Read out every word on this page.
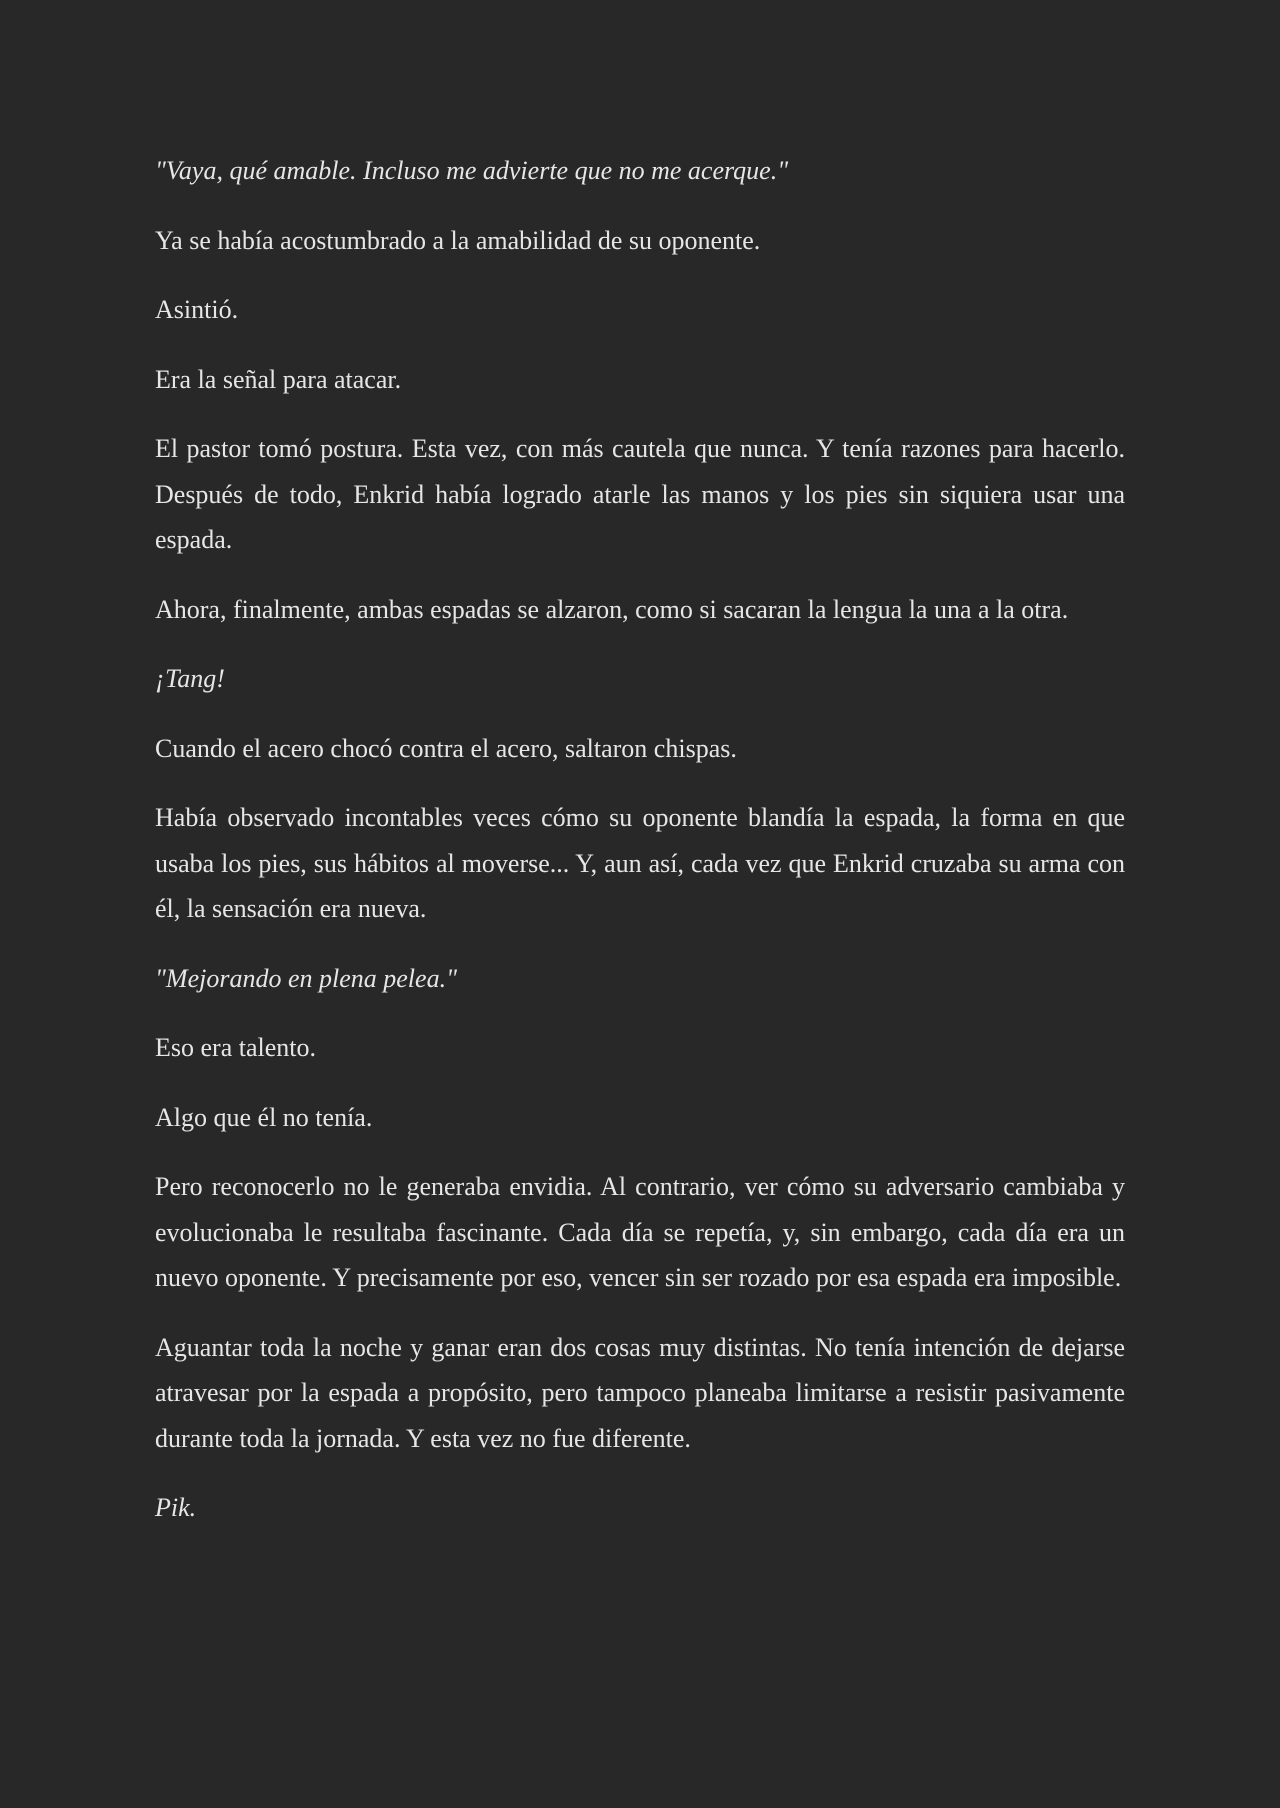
"Vaya, qué amable. Incluso me advierte que no me acerque."

Ya se había acostumbrado a la amabilidad de su oponente.

Asintió.

Era la señal para atacar.

El pastor tomó postura. Esta vez, con más cautela que nunca. Y tenía razones para hacerlo. Después de todo, Enkrid había logrado atarle las manos y los pies sin siquiera usar una espada.

Ahora, finalmente, ambas espadas se alzaron, como si sacaran la lengua la una a la otra.

¡Tang!

Cuando el acero chocó contra el acero, saltaron chispas.

Había observado incontables veces cómo su oponente blandía la espada, la forma en que usaba los pies, sus hábitos al moverse... Y, aun así, cada vez que Enkrid cruzaba su arma con él, la sensación era nueva.

"Mejorando en plena pelea."

Eso era talento.

Algo que él no tenía.

Pero reconocerlo no le generaba envidia. Al contrario, ver cómo su adversario cambiaba y evolucionaba le resultaba fascinante. Cada día se repetía, y, sin embargo, cada día era un nuevo oponente. Y precisamente por eso, vencer sin ser rozado por esa espada era imposible.

Aguantar toda la noche y ganar eran dos cosas muy distintas. No tenía intención de dejarse atravesar por la espada a propósito, pero tampoco planeaba limitarse a resistir pasivamente durante toda la jornada. Y esta vez no fue diferente.

Pik.
